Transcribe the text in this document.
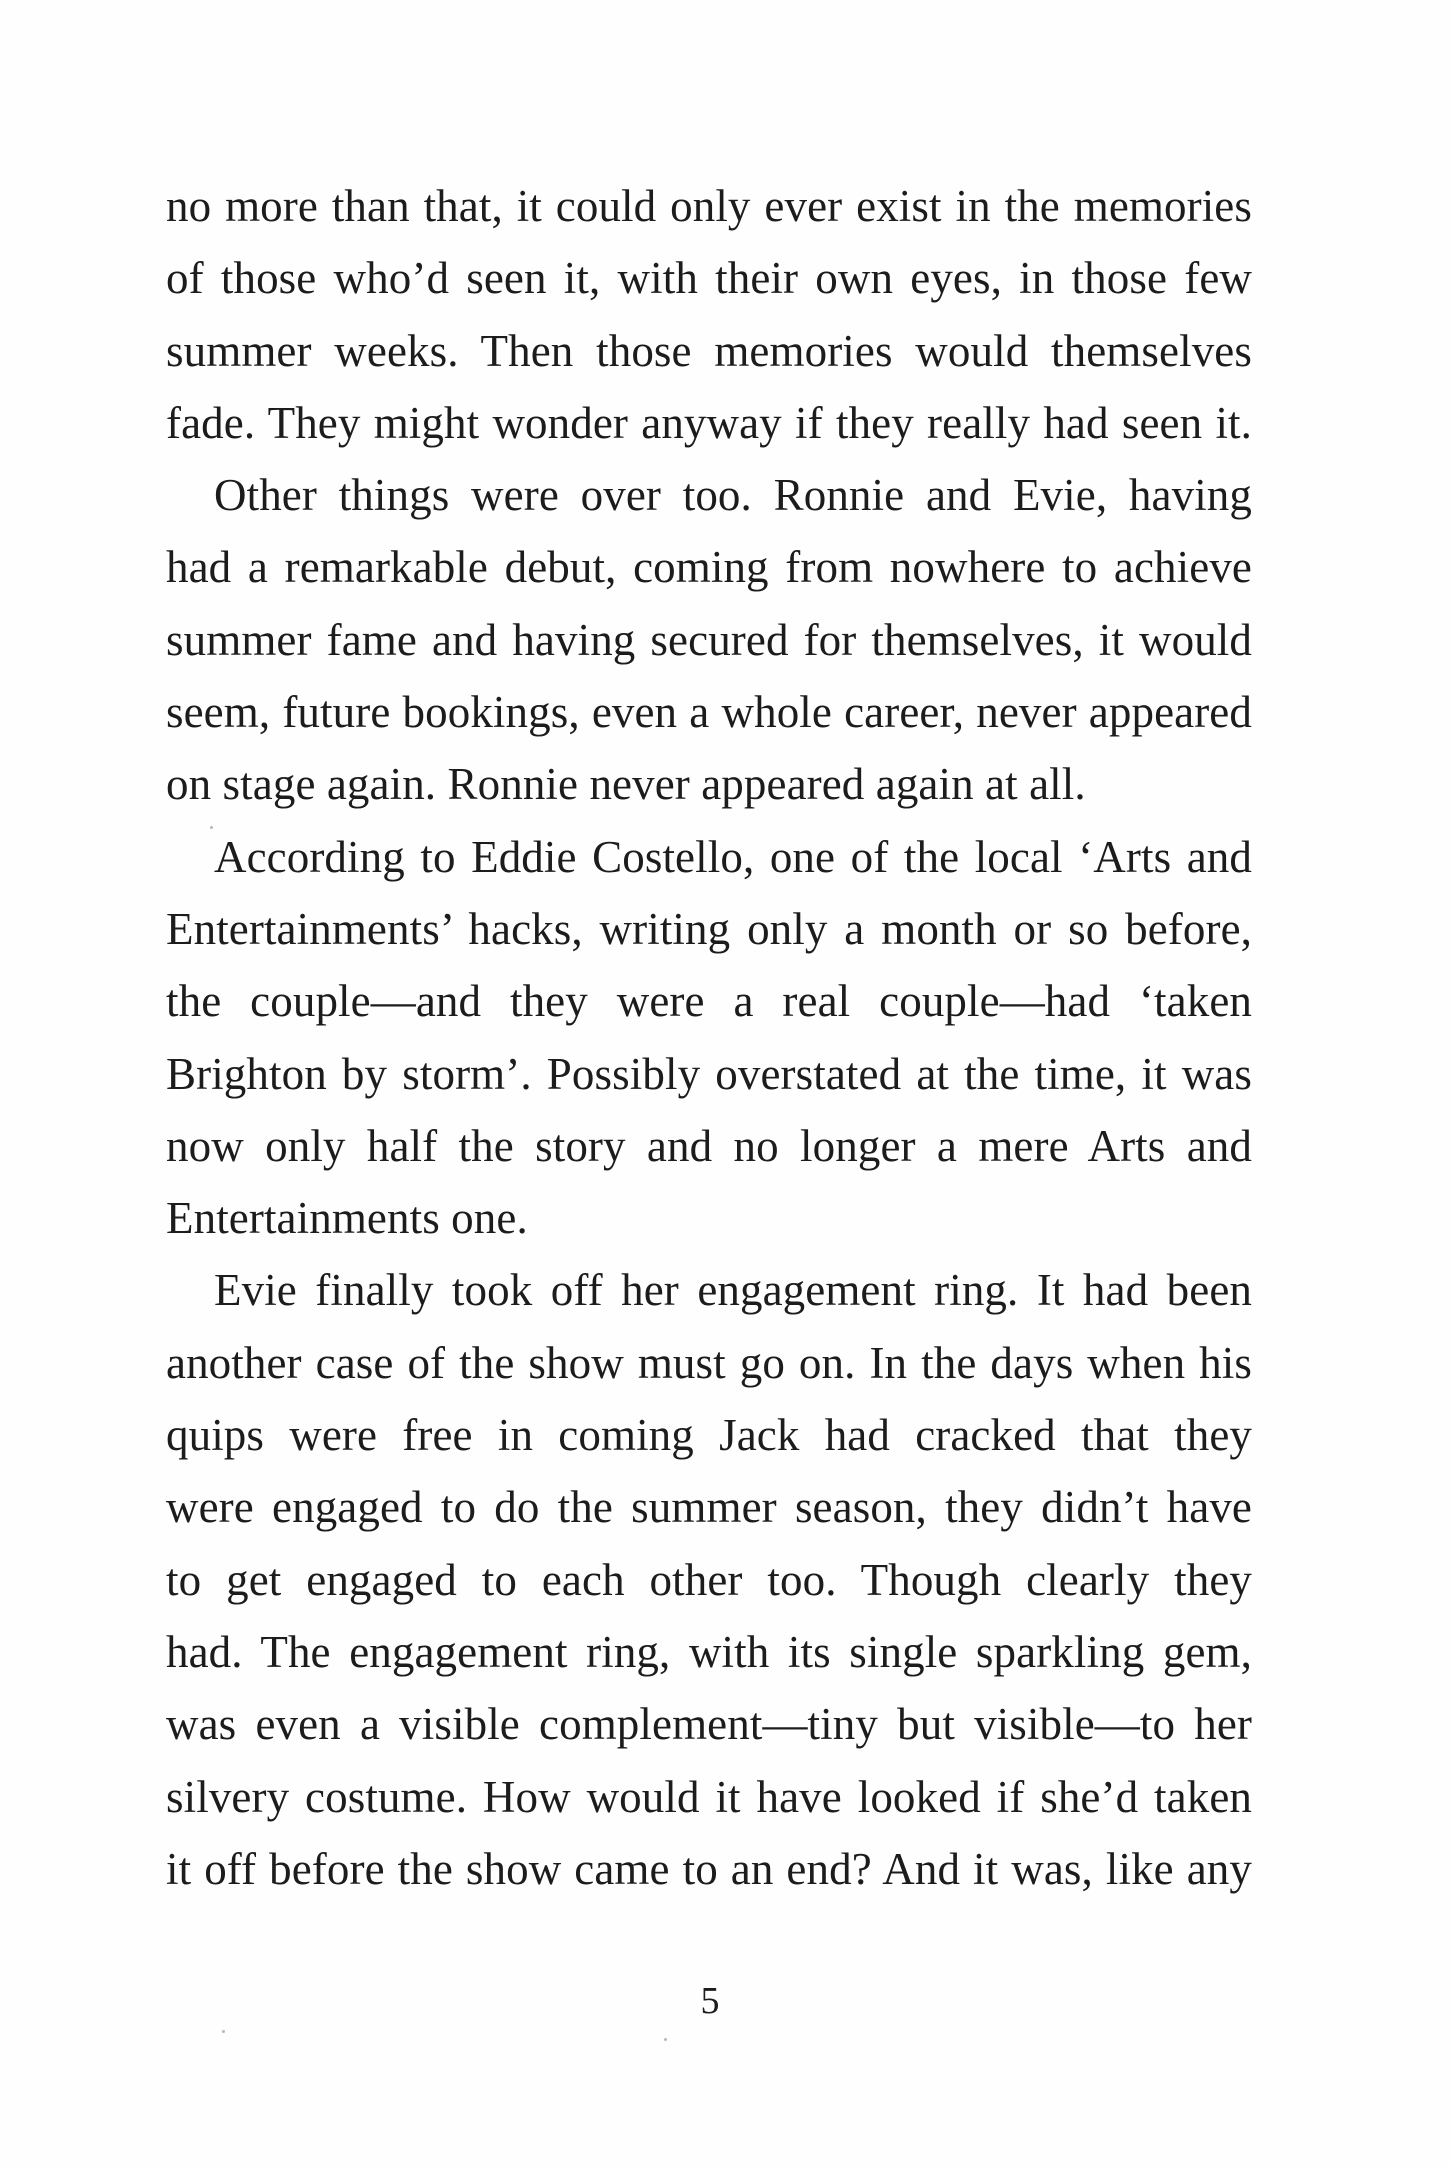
no more than that, it could only ever exist in the memories
of those who’d seen it, with their own eyes, in those few
summer weeks. Then those memories would themselves
fade. They might wonder anyway if they really had seen it.
Other things were over too. Ronnie and Evie, having
had a remarkable debut, coming from nowhere to achieve
summer fame and having secured for themselves, it would
seem, future bookings, even a whole career, never appeared
on stage again. Ronnie never appeared again at all.
According to Eddie Costello, one of the local ‘Arts and
Entertainments’ hacks, writing only a month or so before,
the couple—and they were a real couple—had ‘taken
Brighton by storm’. Possibly overstated at the time, it was
now only half the story and no longer a mere Arts and
Entertainments one.
Evie finally took off her engagement ring. It had been
another case of the show must go on. In the days when his
quips were free in coming Jack had cracked that they
were engaged to do the summer season, they didn’t have
to get engaged to each other too. Though clearly they
had. The engagement ring, with its single sparkling gem,
was even a visible complement—tiny but visible—to her
silvery costume. How would it have looked if she’d taken
it off before the show came to an end? And it was, like any
5
